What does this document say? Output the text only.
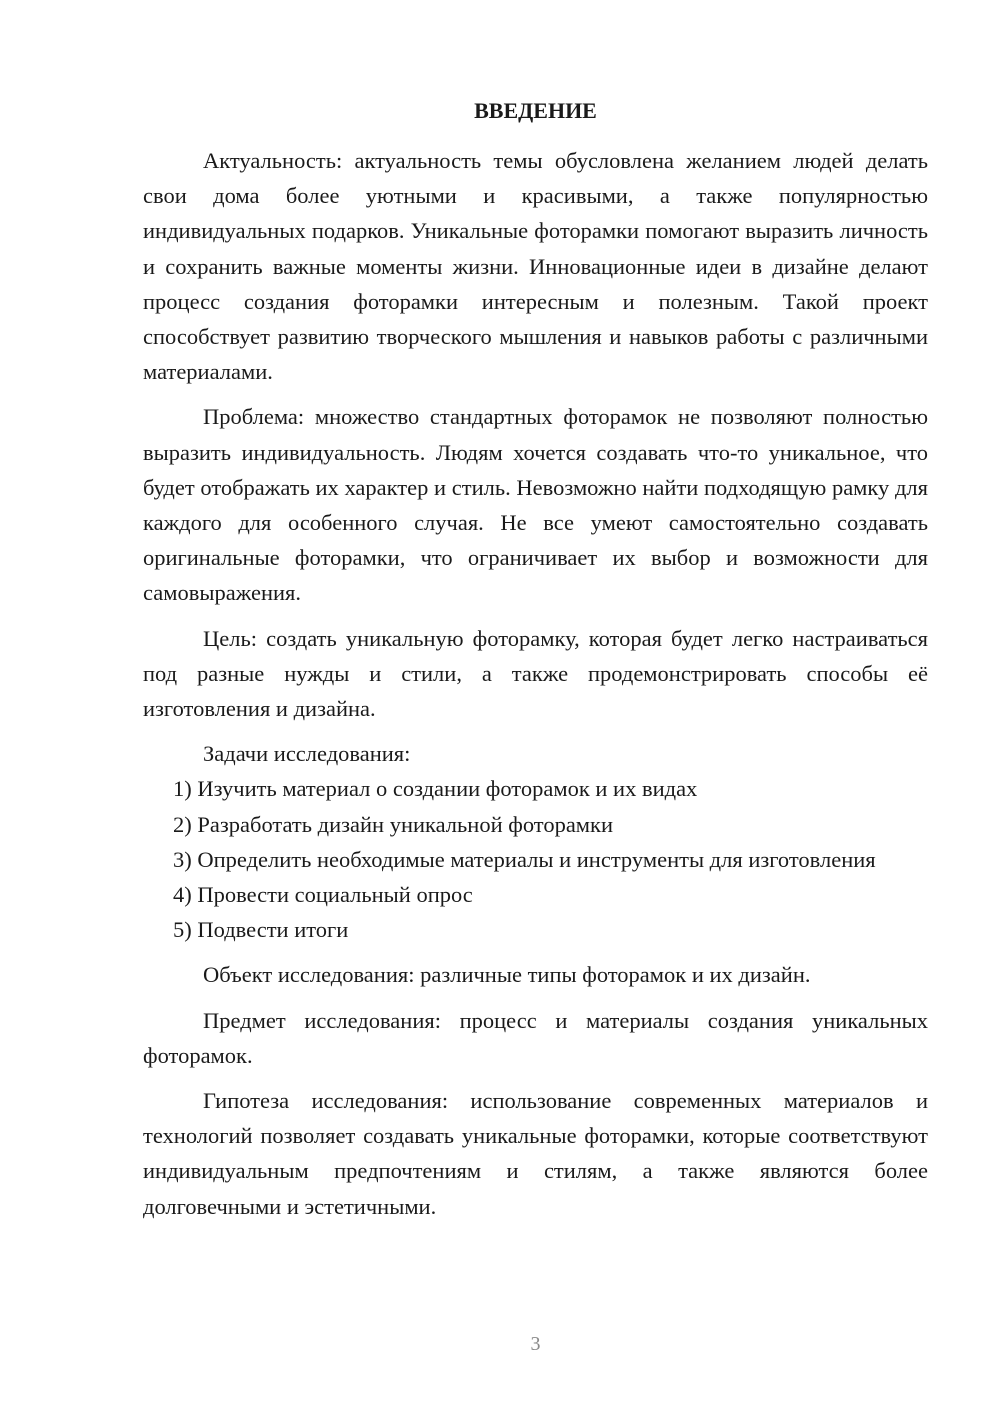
ВВЕДЕНИЕ

Актуальность: актуальность темы обусловлена желанием людей делать свои дома более уютными и красивыми, а также популярностью индивидуальных подарков. Уникальные фоторамки помогают выразить личность и сохранить важные моменты жизни. Инновационные идеи в дизайне делают процесс создания фоторамки интересным и полезным. Такой проект способствует развитию творческого мышления и навыков работы с различными материалами.

Проблема: множество стандартных фоторамок не позволяют полностью выразить индивидуальность. Людям хочется создавать что-то уникальное, что будет отображать их характер и стиль. Невозможно найти подходящую рамку для каждого для особенного случая. Не все умеют самостоятельно создавать оригинальные фоторамки, что ограничивает их выбор и возможности для самовыражения.

Цель: создать уникальную фоторамку, которая будет легко настраиваться под разные нужды и стили, а также продемонстрировать способы её изготовления и дизайна.

Задачи исследования:

1) Изучить материал о создании фоторамок и их видах

2) Разработать дизайн уникальной фоторамки

3) Определить необходимые материалы и инструменты для изготовления

4) Провести социальный опрос

5) Подвести итоги

Объект исследования: различные типы фоторамок и их дизайн.

Предмет исследования: процесс и материалы создания уникальных фоторамок.

Гипотеза исследования: использование современных материалов и технологий позволяет создавать уникальные фоторамки, которые соответствуют индивидуальным предпочтениям и стилям, а также являются более долговечными и эстетичными.

3
